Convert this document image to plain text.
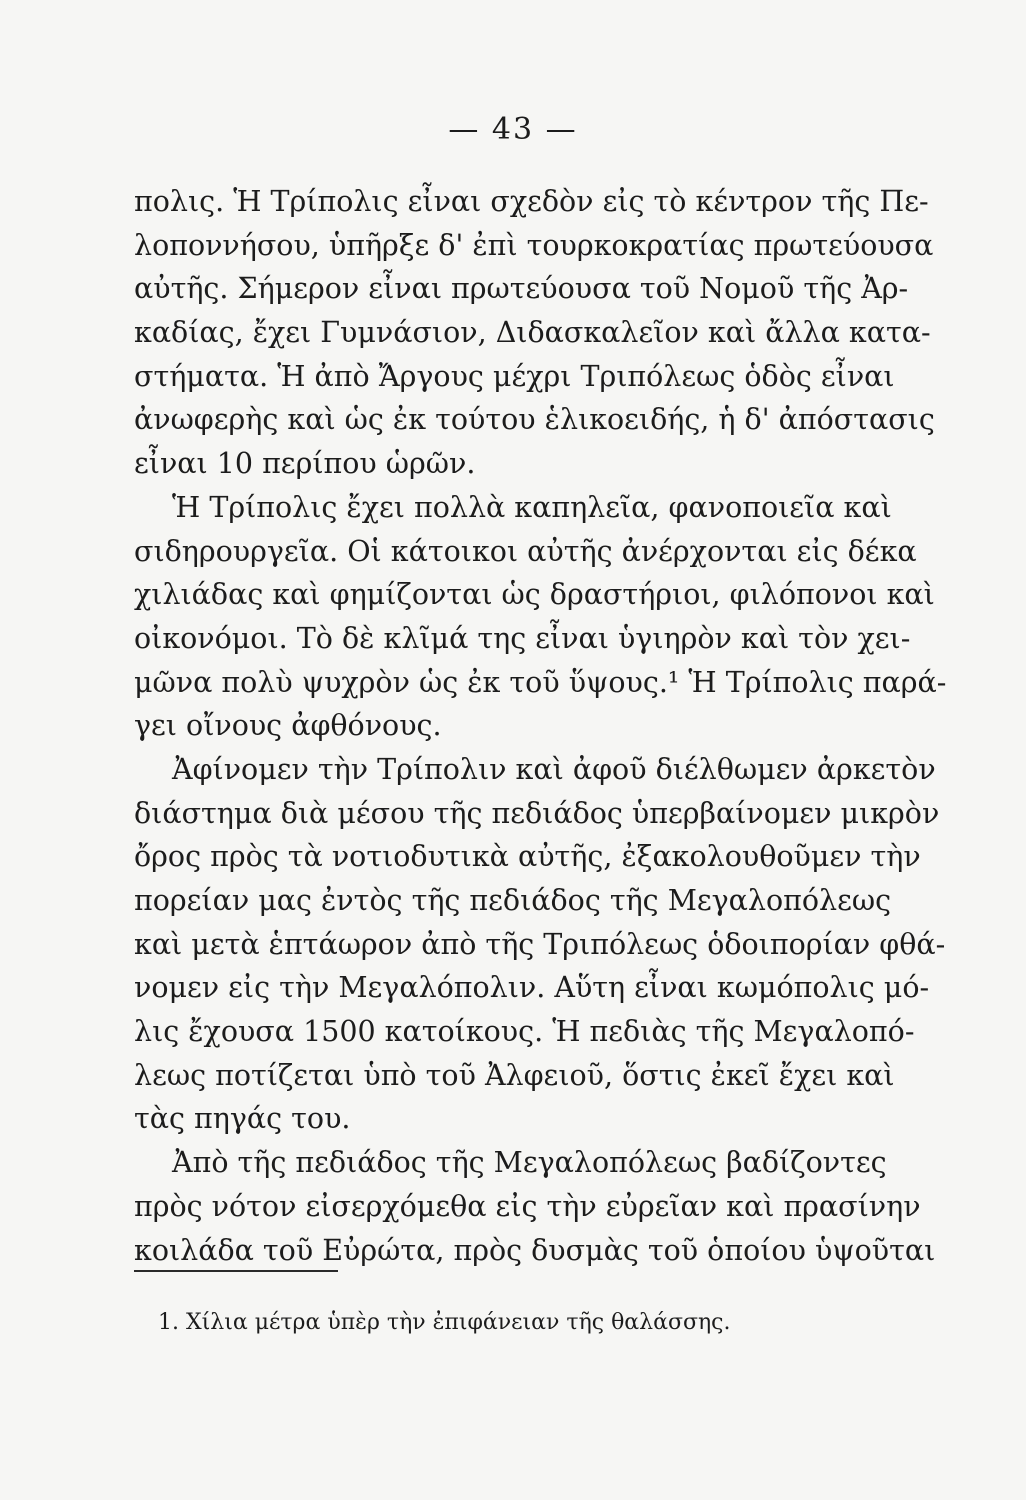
— 43 —
πολις. Ἡ Τρίπολις εἶναι σχεδὸν εἰς τὸ κέντρον τῆς Πε-
λοποννήσου, ὑπῆρξε δ' ἐπὶ τουρκοκρατίας πρωτεύουσα
αὐτῆς. Σήμερον εἶναι πρωτεύουσα τοῦ Νομοῦ τῆς Ἀρ-
καδίας, ἔχει Γυμνάσιον, Διδασκαλεῖον καὶ ἄλλα κατα-
στήματα. Ἡ ἀπὸ Ἄργους μέχρι Τριπόλεως ὁδὸς εἶναι
ἀνωφερὴς καὶ ὡς ἐκ τούτου ἑλικοειδής, ἡ δ' ἀπόστασις
εἶναι 10 περίπου ὡρῶν.
Ἡ Τρίπολις ἔχει πολλὰ καπηλεῖα, φανοποιεῖα καὶ
σιδηρουργεῖα. Οἱ κάτοικοι αὐτῆς ἀνέρχονται εἰς δέκα
χιλιάδας καὶ φημίζονται ὡς δραστήριοι, φιλόπονοι καὶ
οἰκονόμοι. Τὸ δὲ κλῖμά της εἶναι ὑγιηρὸν καὶ τὸν χει-
μῶνα πολὺ ψυχρὸν ὡς ἐκ τοῦ ὕψους.¹ Ἡ Τρίπολις παρά-
γει οἴνους ἀφθόνους.
Ἀφίνομεν τὴν Τρίπολιν καὶ ἀφοῦ διέλθωμεν ἀρκετὸν
διάστημα διὰ μέσου τῆς πεδιάδος ὑπερβαίνομεν μικρὸν
ὄρος πρὸς τὰ νοτιοδυτικὰ αὐτῆς, ἐξακολουθοῦμεν τὴν
πορείαν μας ἐντὸς τῆς πεδιάδος τῆς Μεγαλοπόλεως
καὶ μετὰ ἑπτάωρον ἀπὸ τῆς Τριπόλεως ὁδοιπορίαν φθά-
νομεν εἰς τὴν Μεγαλόπολιν. Αὕτη εἶναι κωμόπολις μό-
λις ἔχουσα 1500 κατοίκους. Ἡ πεδιὰς τῆς Μεγαλοπό-
λεως ποτίζεται ὑπὸ τοῦ Ἀλφειοῦ, ὅστις ἐκεῖ ἔχει καὶ
τὰς πηγάς του.
Ἀπὸ τῆς πεδιάδος τῆς Μεγαλοπόλεως βαδίζοντες
πρὸς νότον εἰσερχόμεθα εἰς τὴν εὐρεῖαν καὶ πρασίνην
κοιλάδα τοῦ Εὐρώτα, πρὸς δυσμὰς τοῦ ὁποίου ὑψοῦται
1. Χίλια μέτρα ὑπὲρ τὴν ἐπιφάνειαν τῆς θαλάσσης.
